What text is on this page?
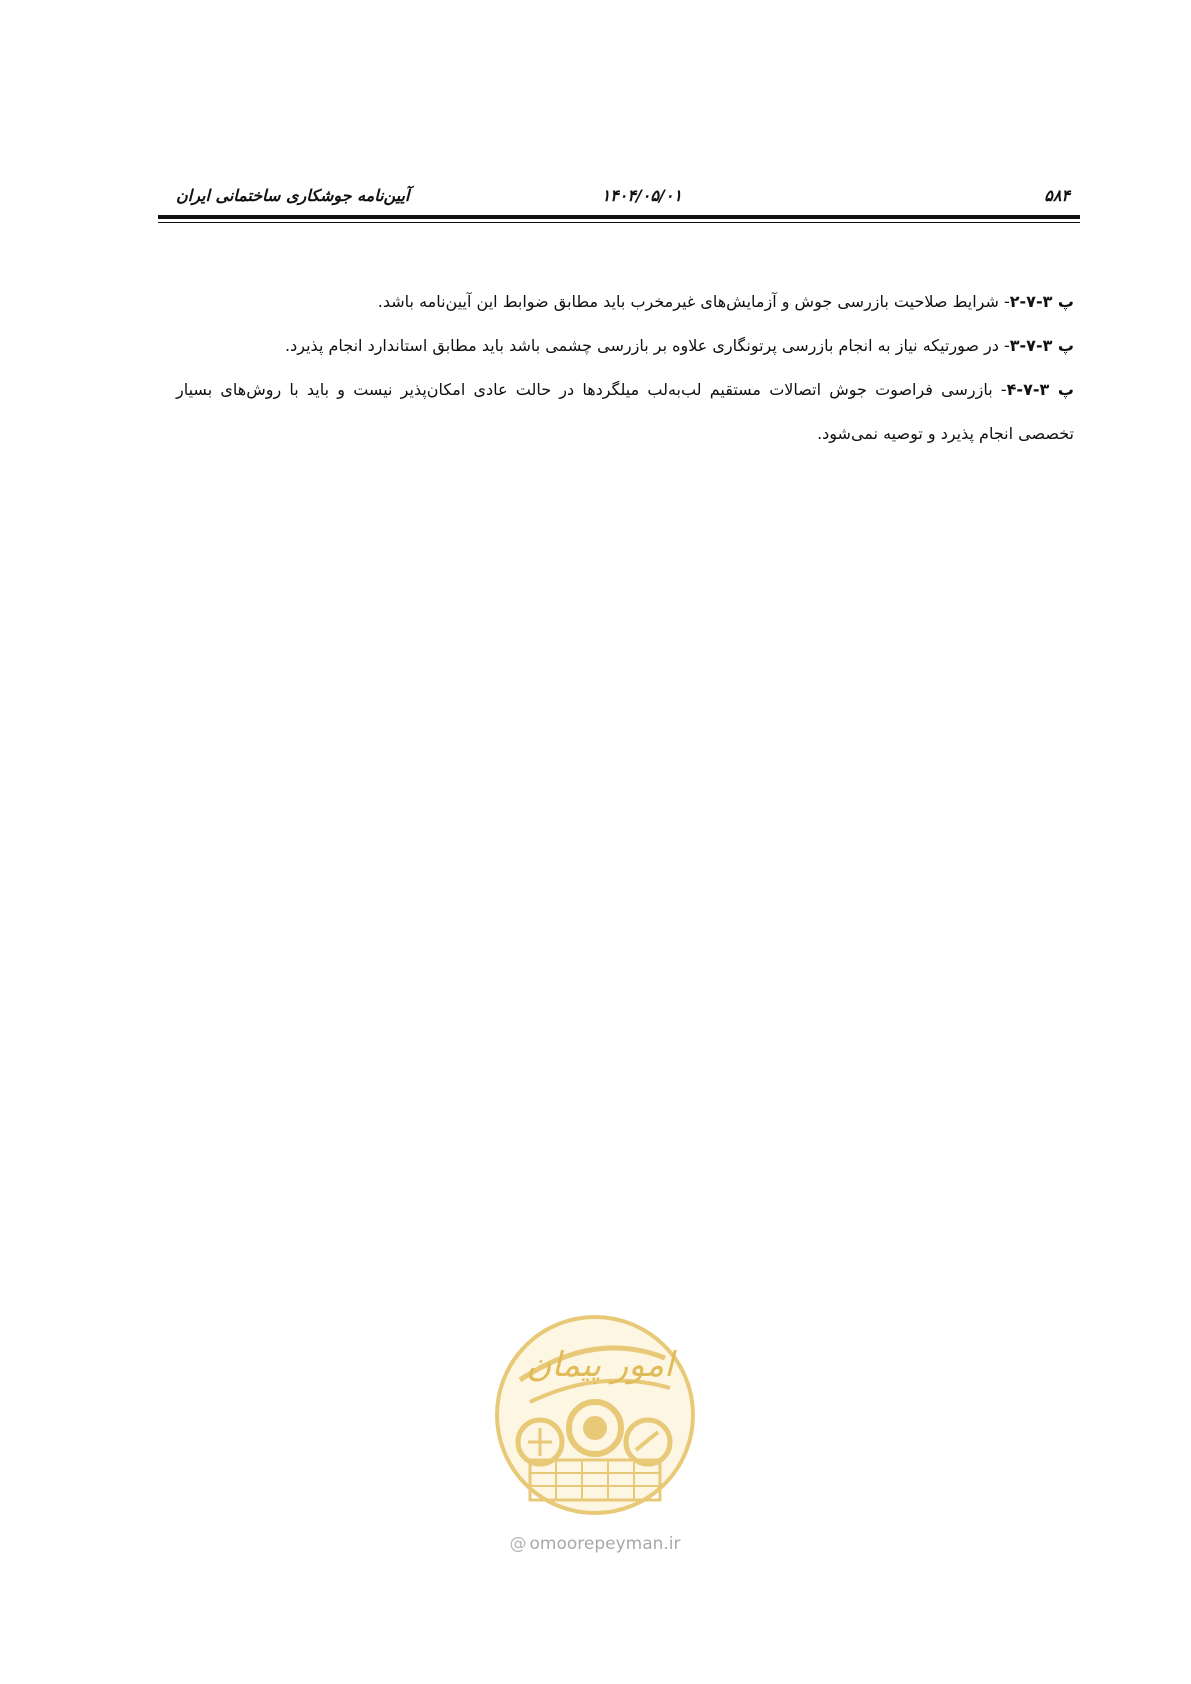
۵۸۴
۱۴۰۴/۰۵/۰۱
آیین‌نامه جوشکاری ساختمانی ایران

پ ۳-۷-۲- شرایط صلاحیت بازرسی جوش و آزمایش‌های غیرمخرب باید مطابق ضوابط این آیین‌نامه باشد.

پ ۳-۷-۳- در صورتیکه نیاز به انجام بازرسی پرتونگاری علاوه بر بازرسی چشمی باشد باید مطابق استاندارد انجام پذیرد.

پ ۳-۷-۴- بازرسی فراصوت جوش اتصالات مستقیم لب‌به‌لب میلگردها در حالت عادی امکان‌پذیر نیست و باید با روش‌های بسیار تخصصی انجام پذیرد و توصیه نمی‌شود.

امور پیمان
@ omoorepeyman.ir
